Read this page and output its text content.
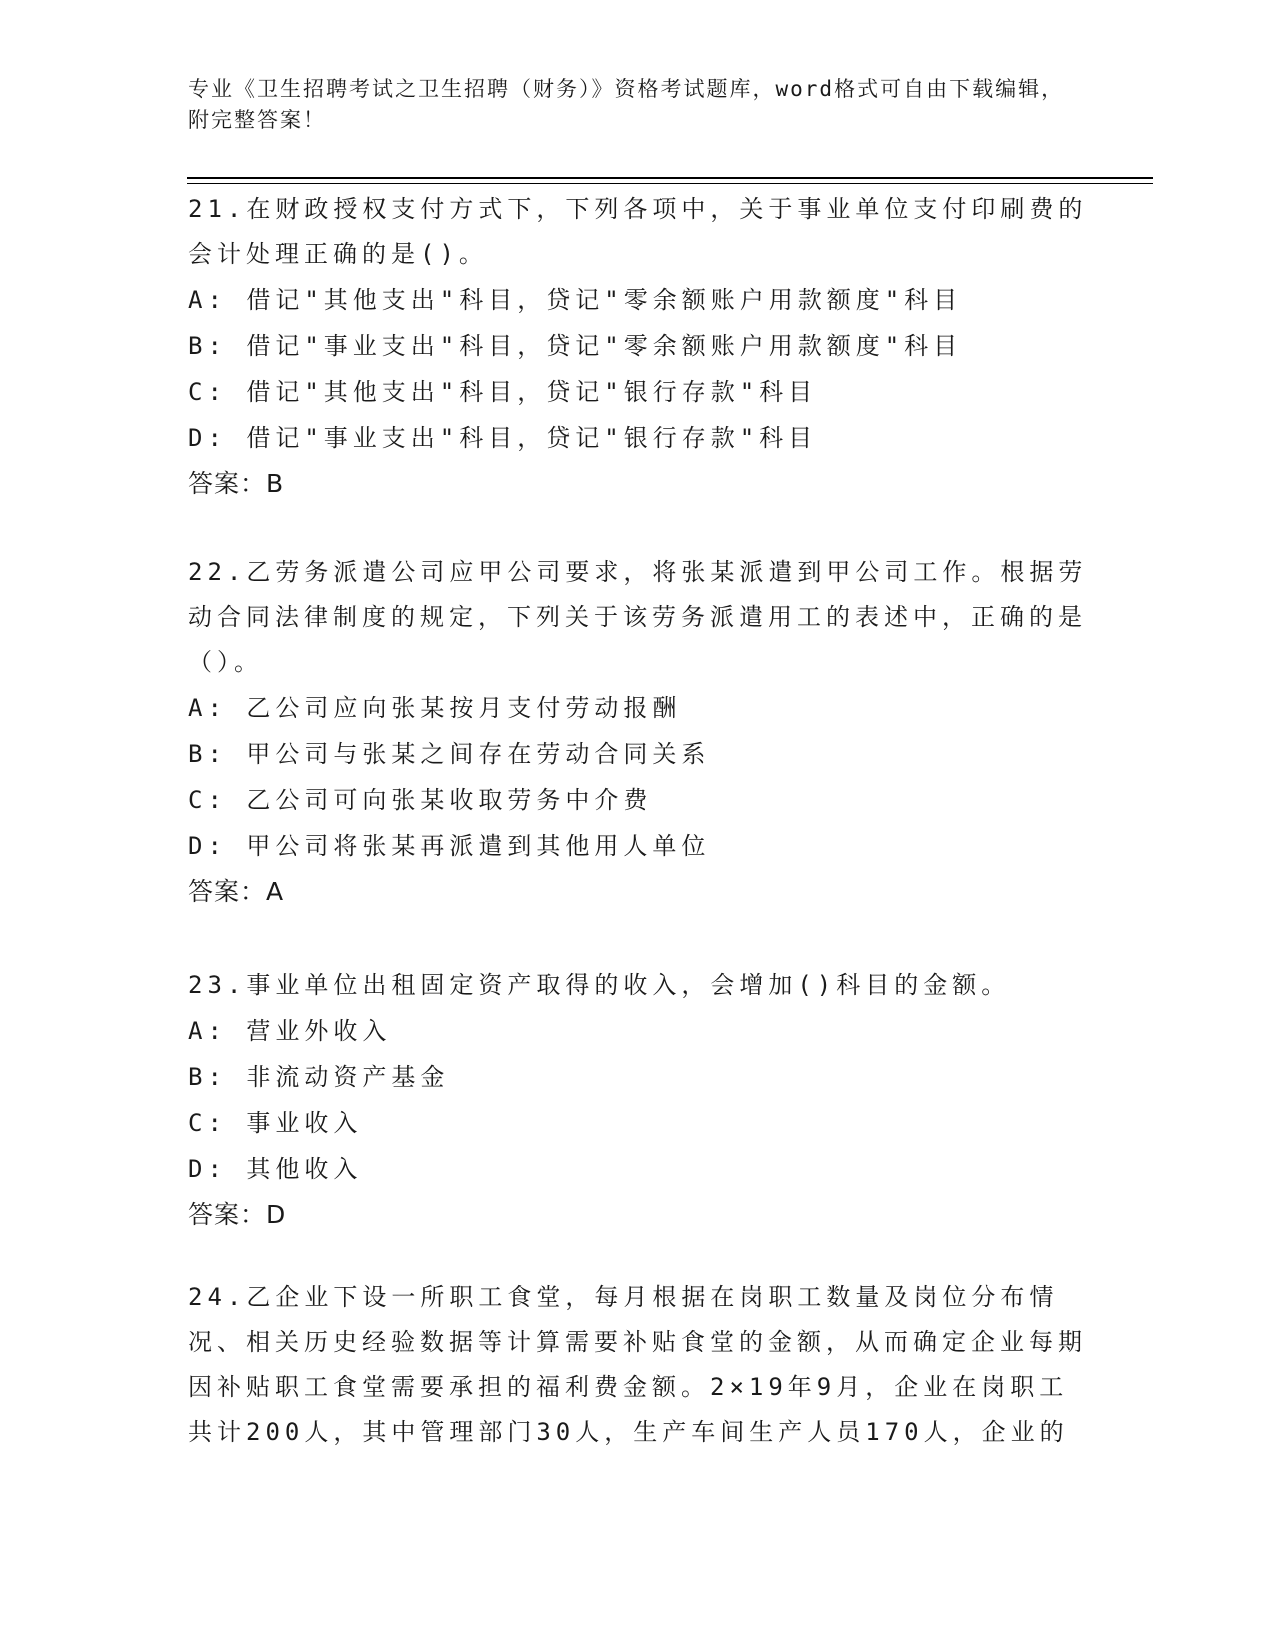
专业《卫生招聘考试之卫生招聘（财务）》资格考试题库，word格式可自由下载编辑，附完整答案！

21.在财政授权支付方式下，下列各项中，关于事业单位支付印刷费的会计处理正确的是()。

A: 借记"其他支出"科目，贷记"零余额账户用款额度"科目

B: 借记"事业支出"科目，贷记"零余额账户用款额度"科目

C: 借记"其他支出"科目，贷记"银行存款"科目

D: 借记"事业支出"科目，贷记"银行存款"科目

答案：B

22.乙劳务派遣公司应甲公司要求，将张某派遣到甲公司工作。根据劳动合同法律制度的规定，下列关于该劳务派遣用工的表述中，正确的是（）。

A: 乙公司应向张某按月支付劳动报酬

B: 甲公司与张某之间存在劳动合同关系

C: 乙公司可向张某收取劳务中介费

D: 甲公司将张某再派遣到其他用人单位

答案：A

23.事业单位出租固定资产取得的收入，会增加()科目的金额。

A: 营业外收入

B: 非流动资产基金

C: 事业收入

D: 其他收入

答案：D

24.乙企业下设一所职工食堂，每月根据在岗职工数量及岗位分布情况、相关历史经验数据等计算需要补贴食堂的金额，从而确定企业每期因补贴职工食堂需要承担的福利费金额。2×19年9月，企业在岗职工共计200人，其中管理部门30人，生产车间生产人员170人，企业的
